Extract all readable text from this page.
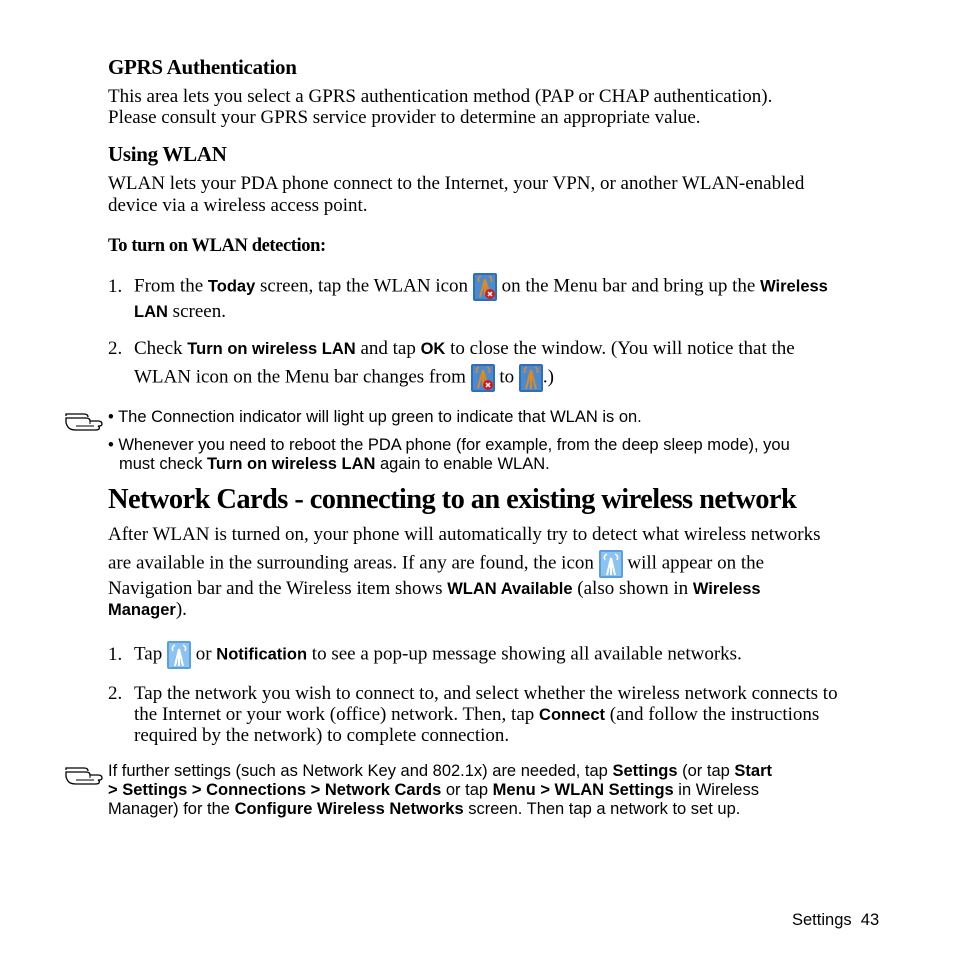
GPRS Authentication

This area lets you select a GPRS authentication method (PAP or CHAP authentication).

Please consult your GPRS service provider to determine an appropriate value.

Using WLAN

WLAN lets your PDA phone connect to the Internet, your VPN, or another WLAN-enabled

device via a wireless access point.

To turn on WLAN detection:
1. From the Today screen, tap the WLAN icon  on the Menu bar and bring up the Wireless
LAN screen.
2. Check Turn on wireless LAN and tap OK to close the window. (You will notice that the
WLAN icon on the Menu bar changes from  to .)
• The Connection indicator will light up green to indicate that WLAN is on.
• Whenever you need to reboot the PDA phone (for example, from the deep sleep mode), you
must check Turn on wireless LAN again to enable WLAN.
Network Cards - connecting to an existing wireless network

After WLAN is turned on, your phone will automatically try to detect what wireless networks

are available in the surrounding areas. If any are found, the icon  will appear on the
Navigation bar and the Wireless item shows WLAN Available (also shown in Wireless
Manager).
1. Tap  or Notification to see a pop-up message showing all available networks.
2. Tap the network you wish to connect to, and select whether the wireless network connects to

the Internet or your work (office) network. Then, tap Connect (and follow the instructions

required by the network) to complete connection.

If further settings (such as Network Key and 802.1x) are needed, tap Settings (or tap Start
> Settings > Connections > Network Cards or tap Menu > WLAN Settings in Wireless
Manager) for the Configure Wireless Networks screen. Then tap a network to set up.
Settings 43
